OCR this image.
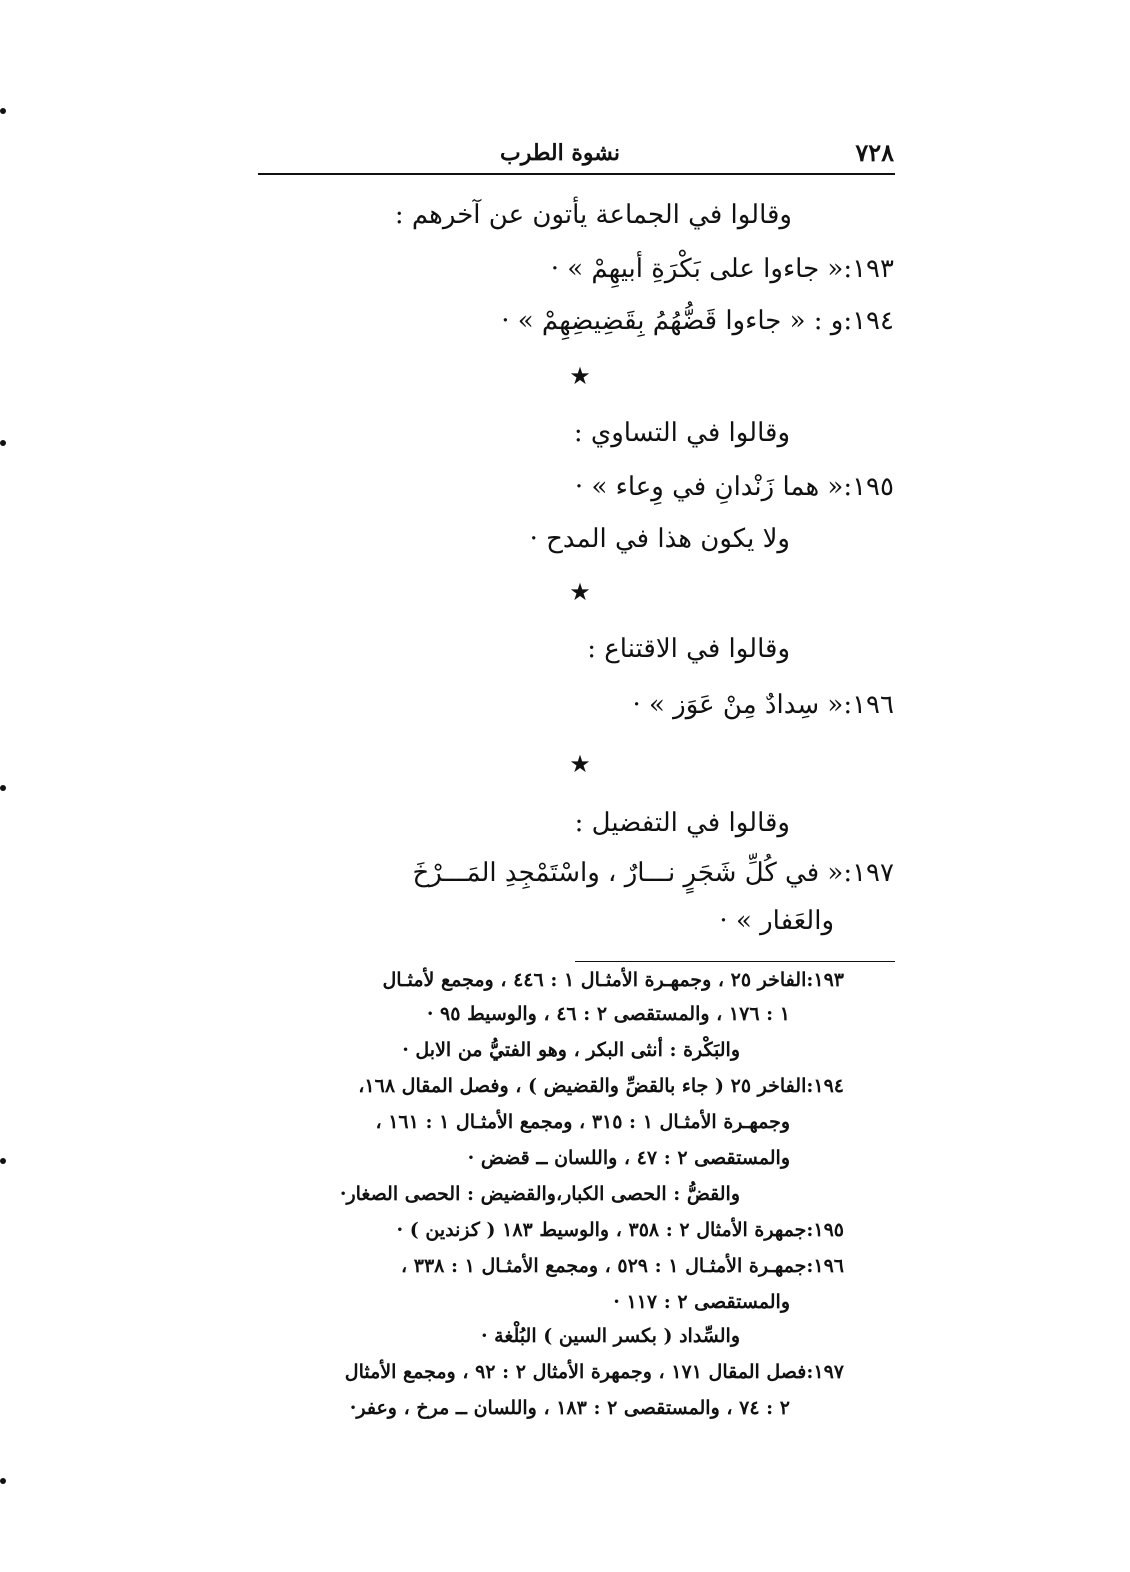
٧٢٨
نشوة الطرب
وقالوا في الجماعة يأتون عن آخرهم :
١٩٣:« جاءوا على بَكْرَةِ أبيهِمْ » ·
١٩٤:و : « جاءوا قَضُّهُمُ بِقَضِيضِهِمْ » ·
★
وقالوا في التساوي :
١٩٥:« هما زَنْدانِ في وِعاء » ·
ولا يكون هذا في المدح ·
★
وقالوا في الاقتناع :
١٩٦:« سِدادٌ مِنْ عَوَز » ·
★
وقالوا في التفضيل :
١٩٧:« في كُلِّ شَجَرٍ نـــارٌ ، واسْتَمْجِدِ المَـــرْخَ
والعَفار » ·
١٩٣:الفاخر ٢٥ ، وجمهـرة الأمثـال ١ : ٤٤٦ ، ومجمع لأمثـال
١ : ١٧٦ ، والمستقصى ٢ : ٤٦ ، والوسيط ٩٥ ·
والبَكْرة : أنثى البكر ، وهو الفتيُّ من الابل ·
١٩٤:الفاخر ٢٥ ( جاء بالقضِّ والقضيض ) ، وفصل المقال ١٦٨،
وجمهـرة الأمثـال ١ : ٣١٥ ، ومجمع الأمثـال ١ : ١٦١ ،
والمستقصى ٢ : ٤٧ ، واللسان ــ قضض ·
والقضُّ : الحصى الكبار،والقضيض : الحصى الصغار·
١٩٥:جمهرة الأمثال ٢ : ٣٥٨ ، والوسيط ١٨٣ ( كزندين ) ·
١٩٦:جمهـرة الأمثـال ١ : ٥٢٩ ، ومجمع الأمثـال ١ : ٣٣٨ ،
والمستقصى ٢ : ١١٧ ·
والسِّداد ( بكسر السين ) البُلْغة ·
١٩٧:فصل المقال ١٧١ ، وجمهرة الأمثال ٢ : ٩٢ ، ومجمع الأمثال
٢ : ٧٤ ، والمستقصى ٢ : ١٨٣ ، واللسان ــ مرخ ، وعفر·
